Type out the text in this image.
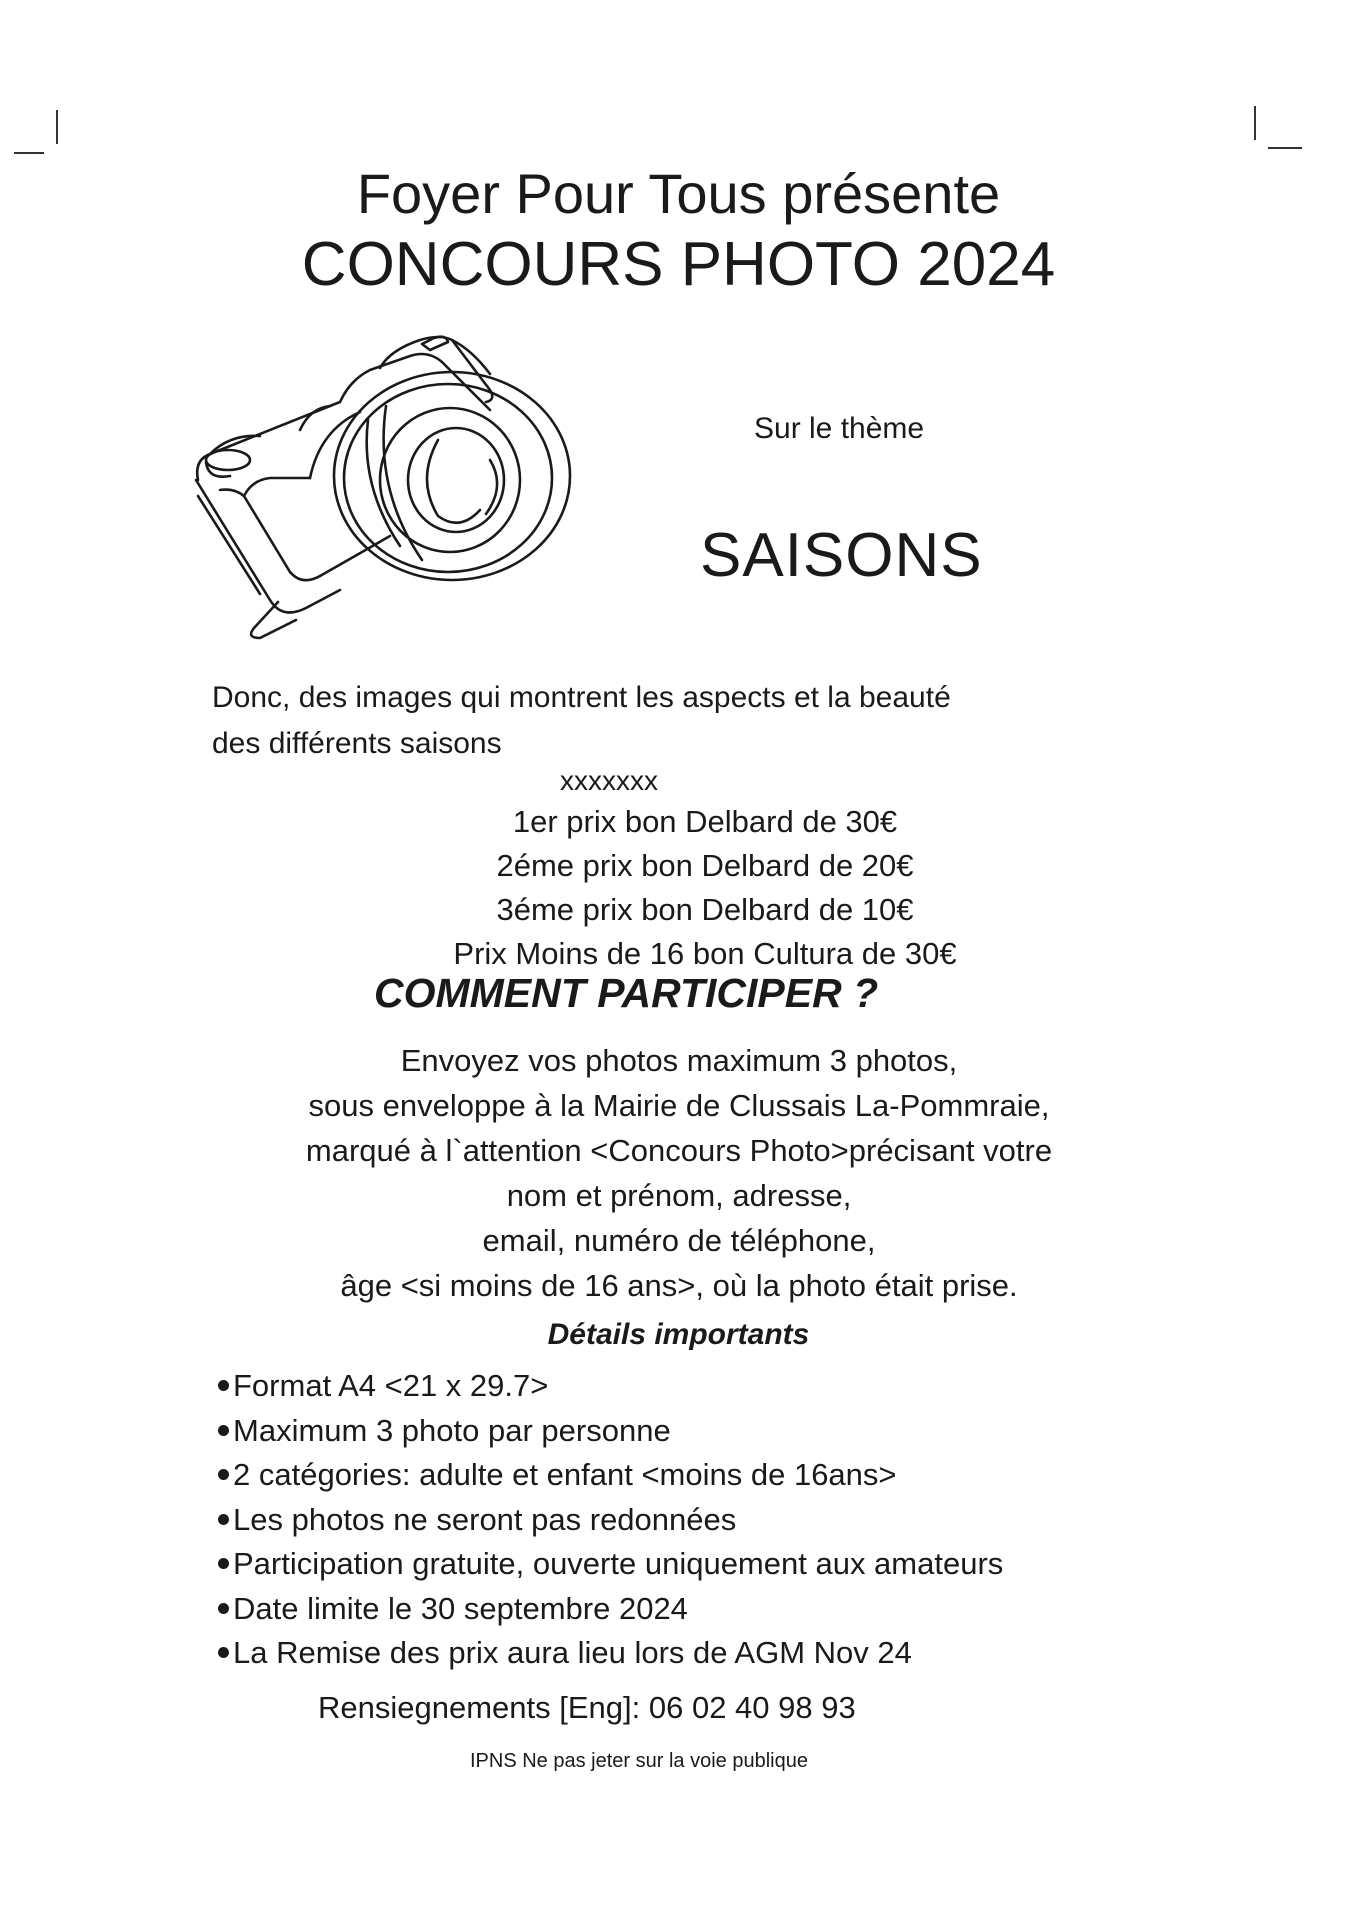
Foyer Pour Tous présente
CONCOURS PHOTO 2024
Sur le thème
SAISONS
Donc, des images qui montrent les aspects et la beauté
des différents saisons
xxxxxxx
1er prix bon Delbard de 30€
2éme prix bon Delbard de 20€
3éme prix bon Delbard de 10€
Prix Moins de 16 bon Cultura de 30€
COMMENT PARTICIPER ?
Envoyez vos photos maximum 3 photos,
sous enveloppe à la Mairie de Clussais La-Pommraie,
marqué à l`attention <Concours Photo>précisant votre
nom et prénom, adresse,
email, numéro de téléphone,
âge <si moins de 16 ans>, où la photo était prise.
Détails importants
Format A4 <21 x 29.7>
Maximum 3 photo par personne
2 catégories: adulte et enfant <moins de 16ans>
Les photos ne seront pas redonnées
Participation gratuite, ouverte uniquement aux amateurs
Date limite le 30 septembre 2024
La Remise des prix aura lieu lors de AGM Nov 24
Rensiegnements [Eng]: 06 02 40 98 93
IPNS Ne pas jeter sur la voie publique
